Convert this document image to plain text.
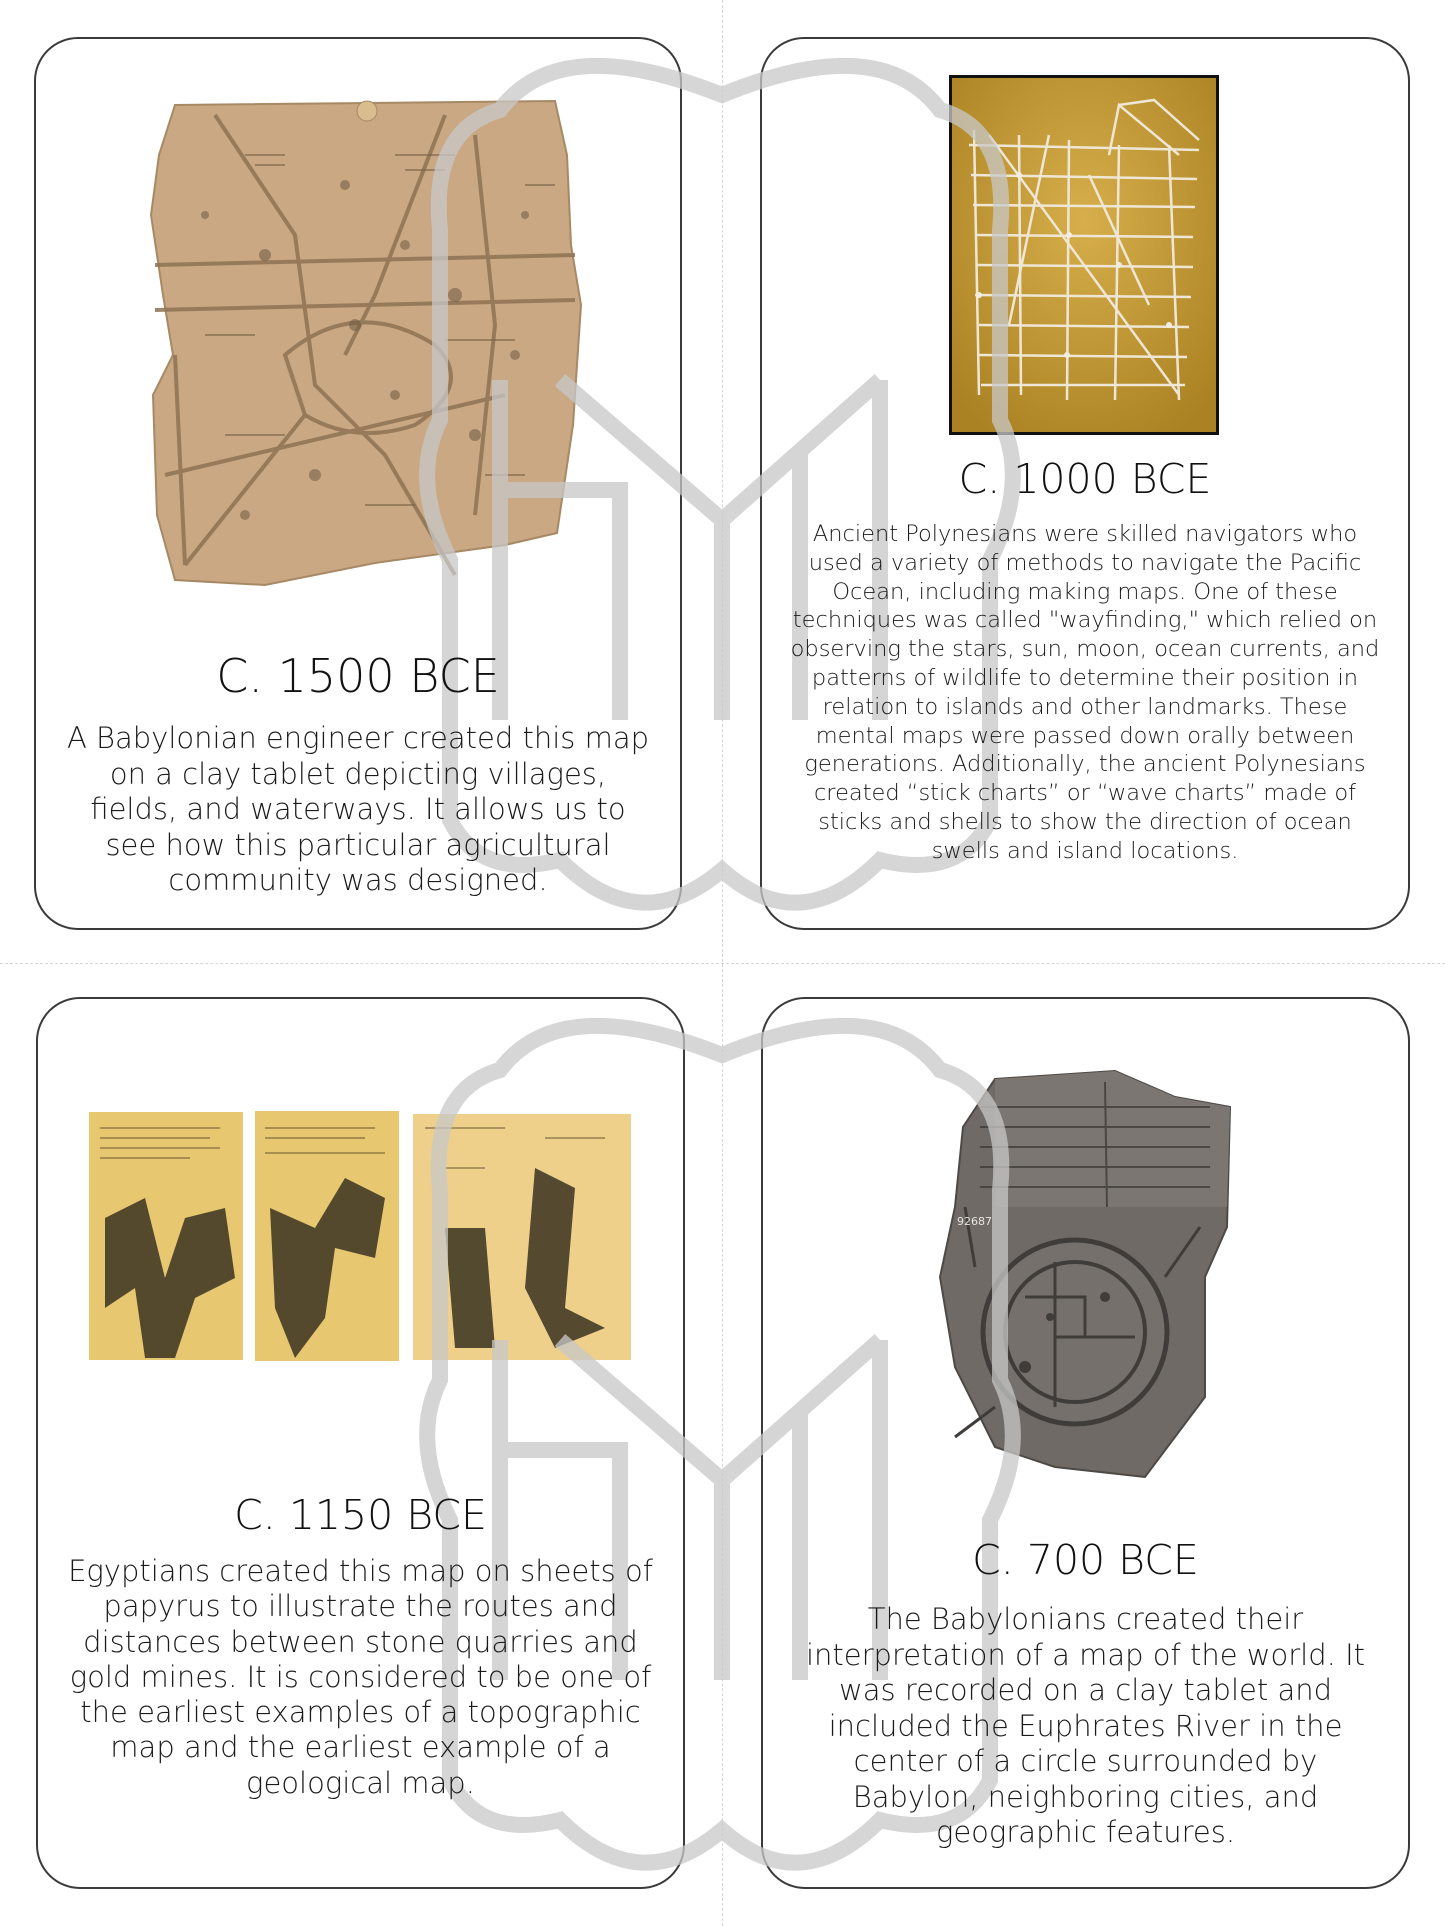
92687

C. 1500 BCE

A Babylonian engineer created this map on a clay tablet depicting villages, fields, and waterways. It allows us to see how this particular agricultural community was designed.

C. 1000 BCE

Ancient Polynesians were skilled navigators who used a variety of methods to navigate the Pacific Ocean, including making maps. One of these techniques was called "wayfinding," which relied on observing the stars, sun, moon, ocean currents, and patterns of wildlife to determine their position in relation to islands and other landmarks. These mental maps were passed down orally between generations. Additionally, the ancient Polynesians created “stick charts” or “wave charts” made of sticks and shells to show the direction of ocean swells and island locations.

C. 1150 BCE

Egyptians created this map on sheets of papyrus to illustrate the routes and distances between stone quarries and gold mines. It is considered to be one of the earliest examples of a topographic map and the earliest example of a geological map.

C. 700 BCE

The Babylonians created their interpretation of a map of the world. It was recorded on a clay tablet and included the Euphrates River in the center of a circle surrounded by Babylon, neighboring cities, and geographic features.
